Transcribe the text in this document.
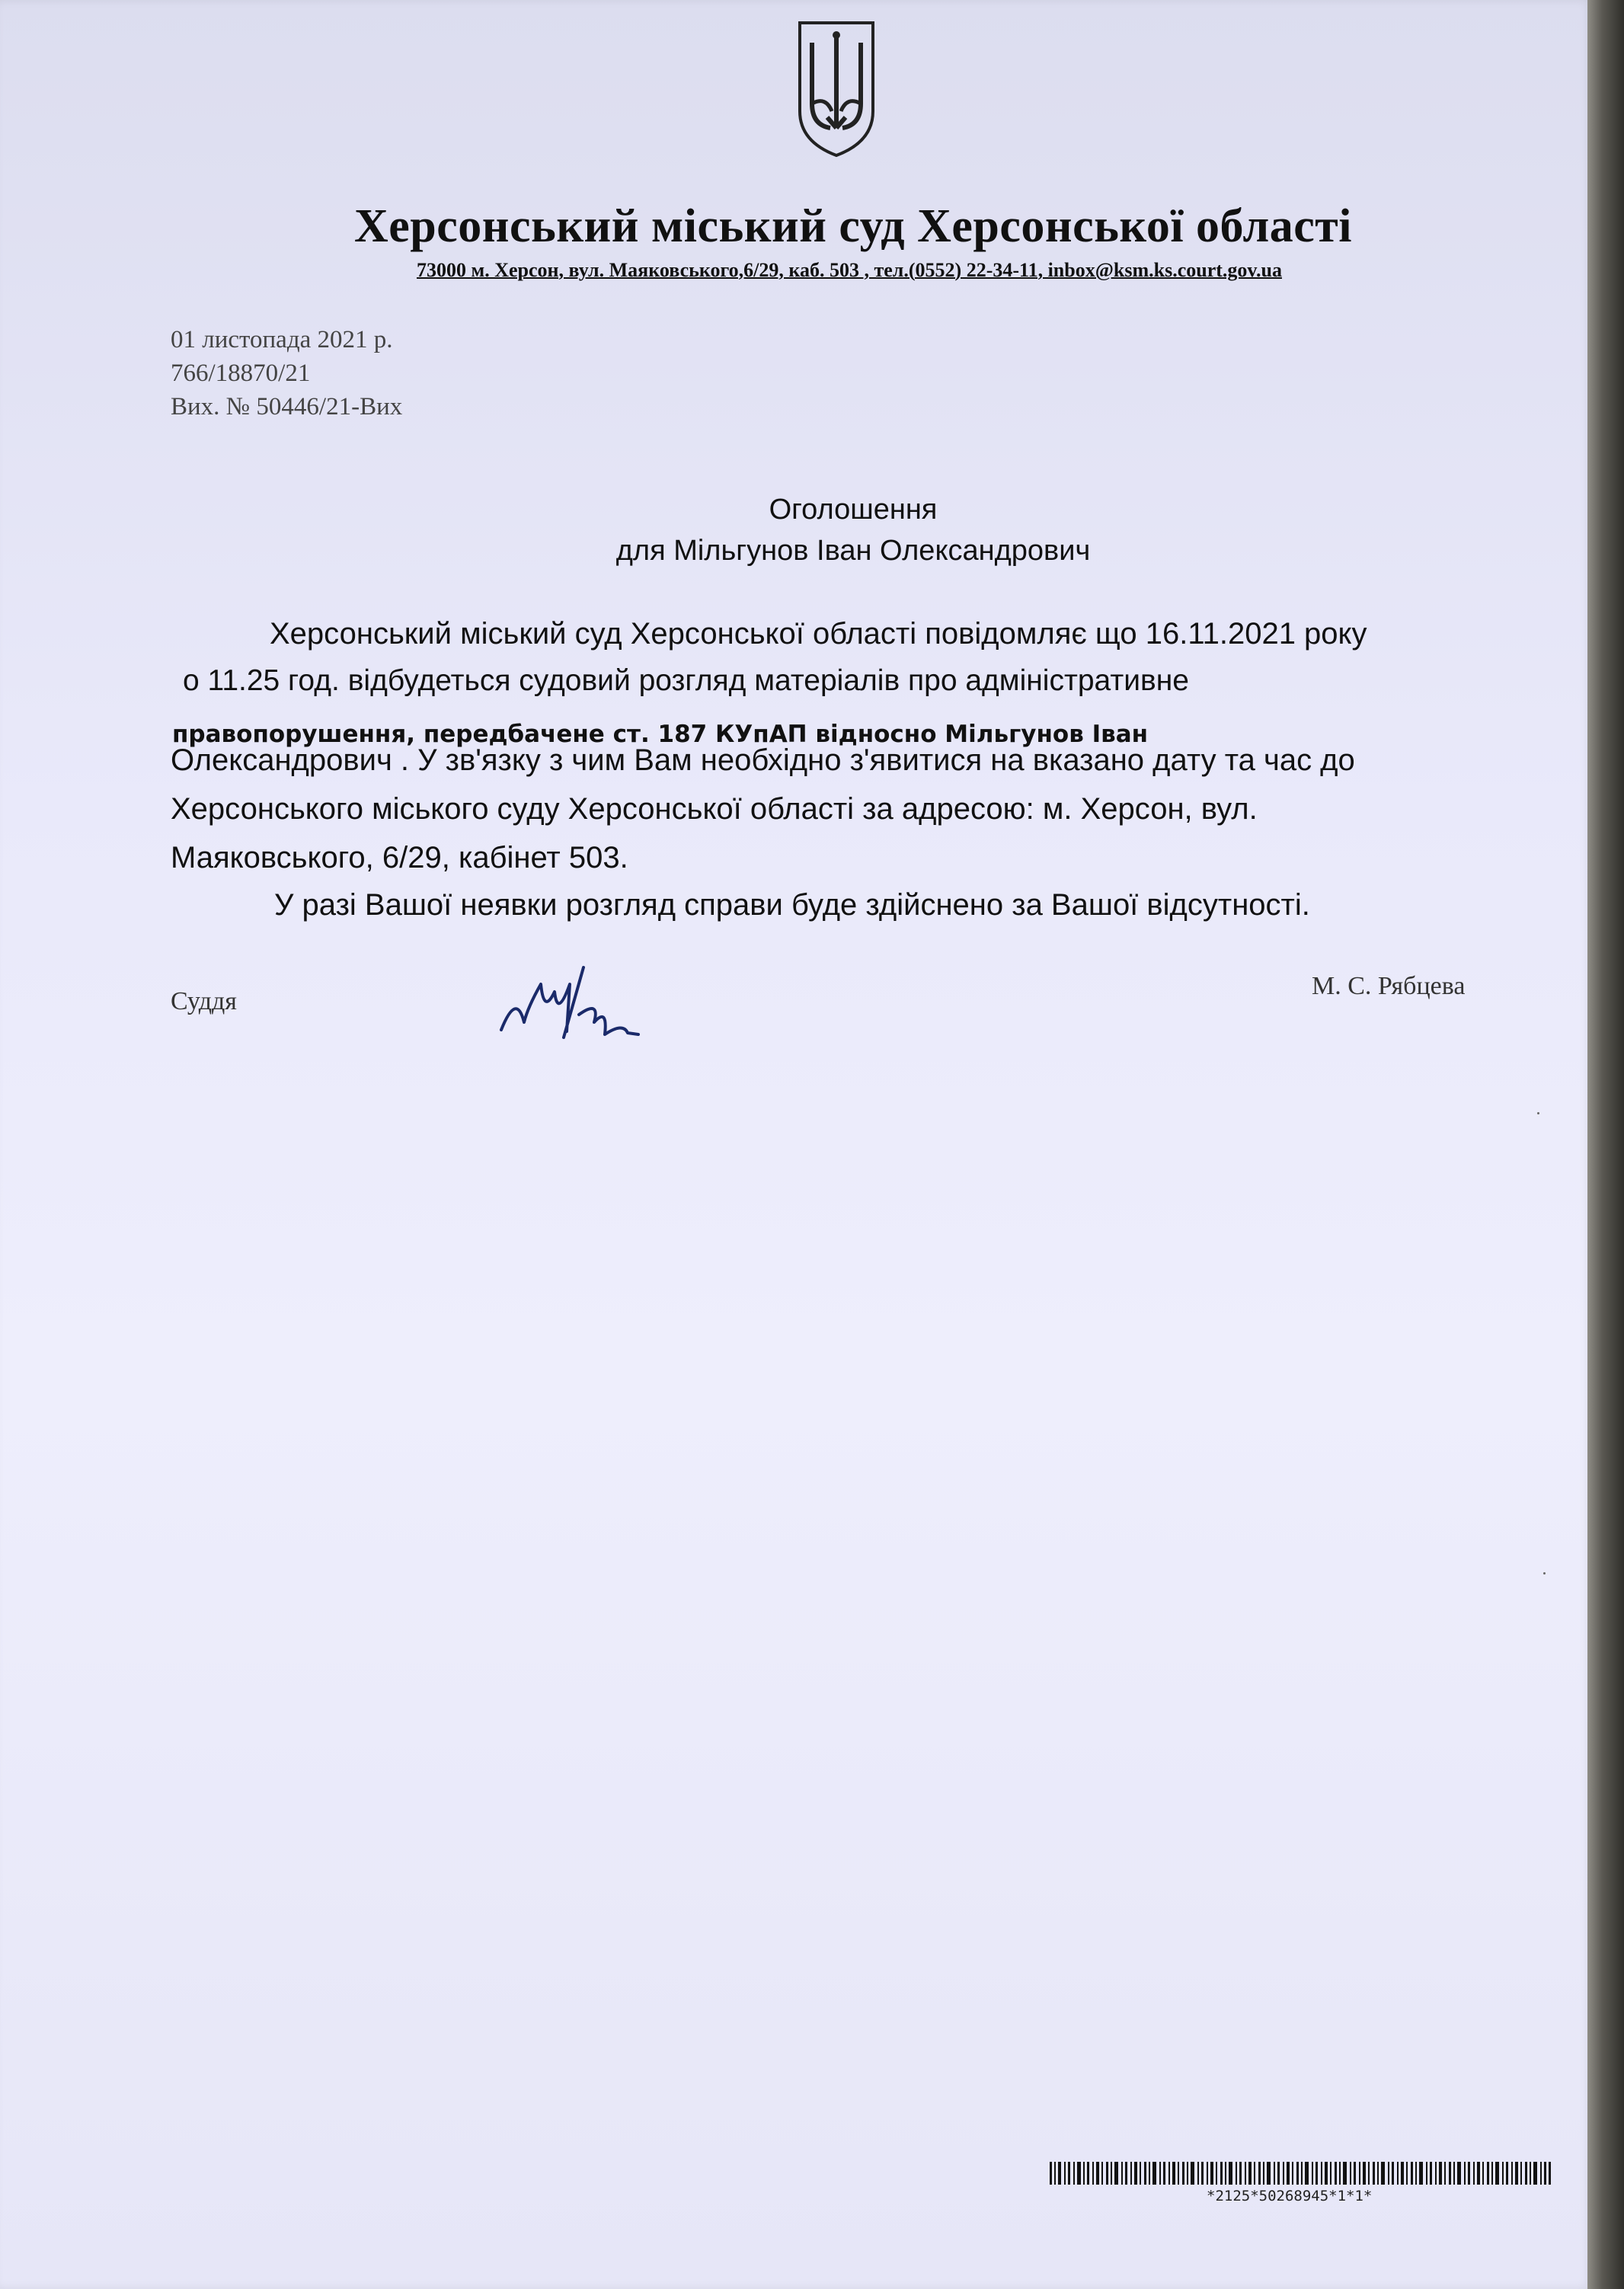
Херсонський міський суд Херсонської області
73000 м. Херсон, вул. Маяковського,6/29, каб. 503 , тел.(0552) 22-34-11, inbox@ksm.ks.court.gov.ua
01 листопада 2021 р.
766/18870/21
Вих. № 50446/21-Вих
Оголошення
для Мільгунов Іван Олександрович
Херсонський міський суд Херсонської області повідомляє що 16.11.2021 року
о 11.25 год. відбудеться судовий розгляд матеріалів про адміністративне
правопорушення, передбачене ст. 187 КУпАП відносно Мільгунов Іван
Олександрович . У зв'язку з чим Вам необхідно з'явитися на вказано дату та час до
Херсонського міського суду Херсонської області за адресою: м. Херсон, вул.
Маяковського, 6/29, кабінет 503.
У разі Вашої неявки розгляд справи буде здійснено за Вашої відсутності.
Суддя
М. С. Рябцева
*2125*50268945*1*1*
